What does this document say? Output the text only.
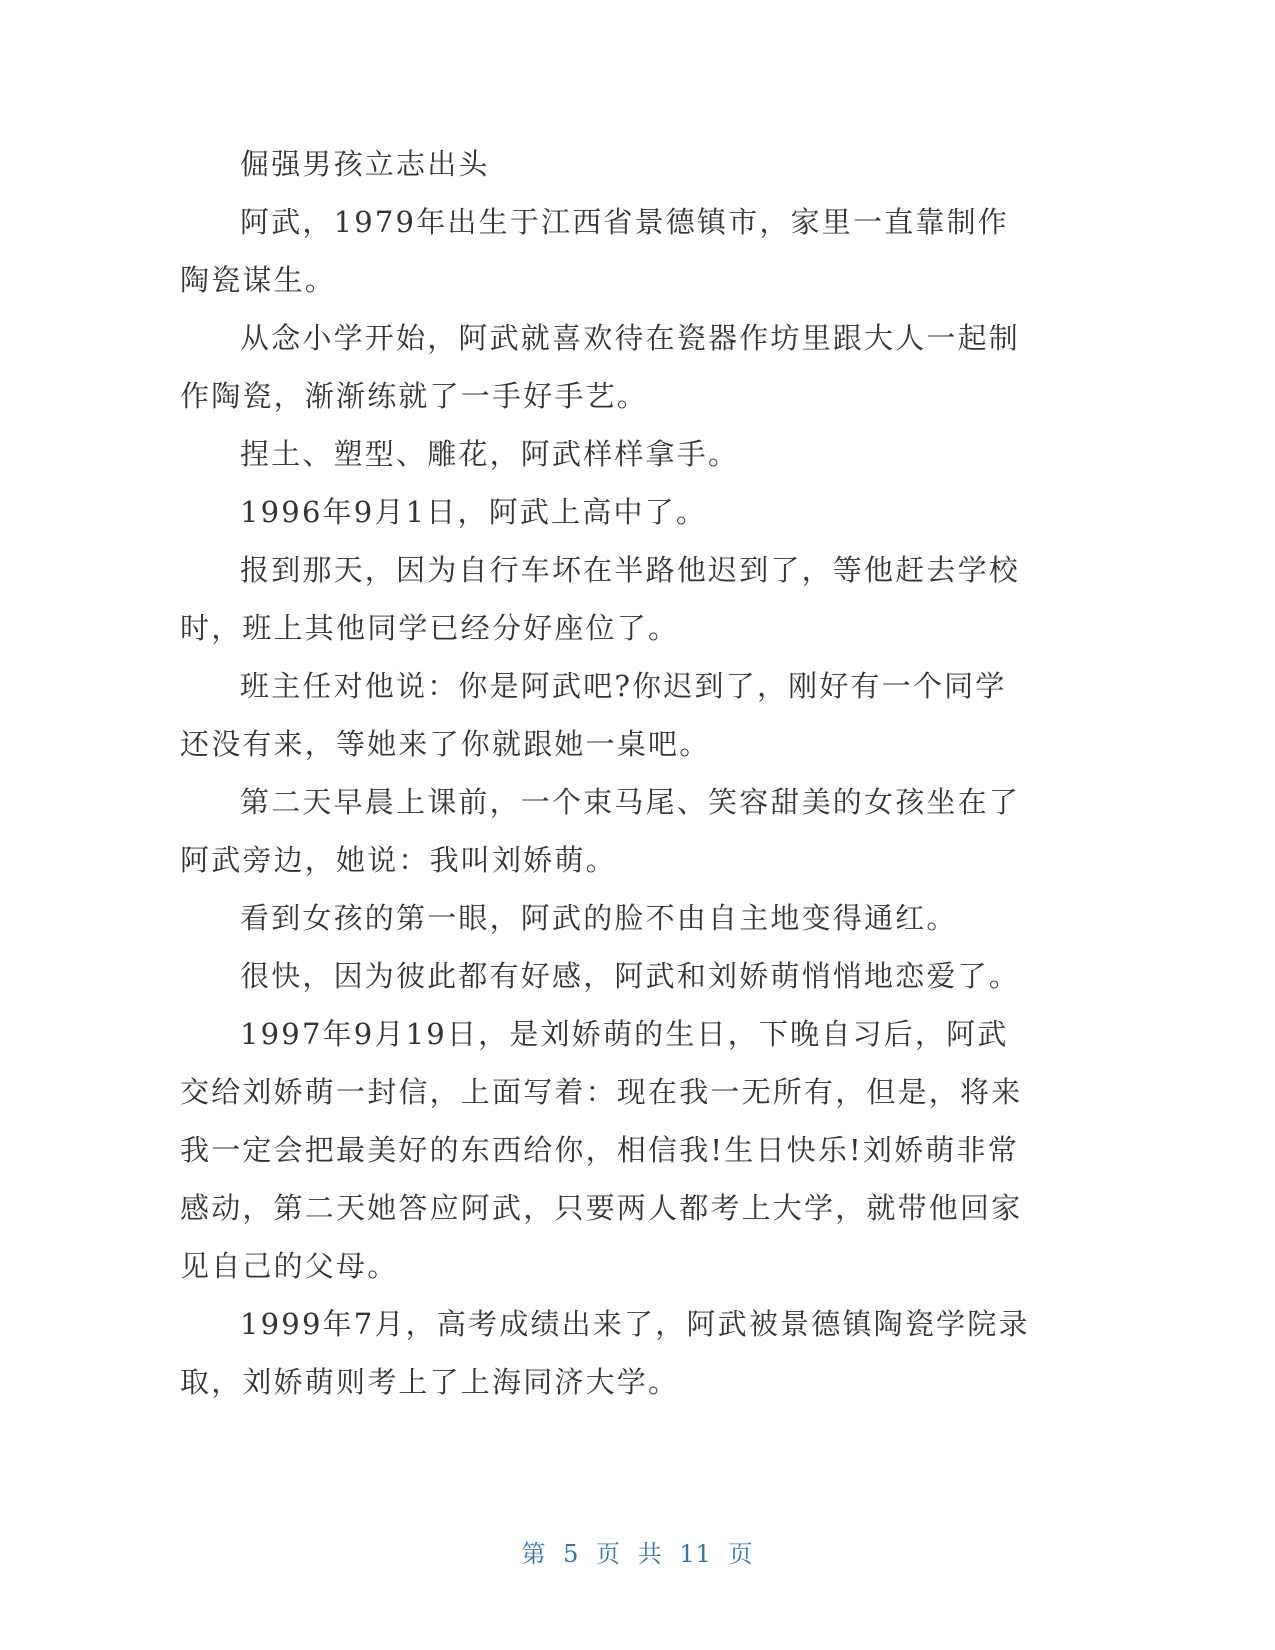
倔强男孩立志出头

阿武，1979年出生于江西省景德镇市，家里一直靠制作陶瓷谋生。

从念小学开始，阿武就喜欢待在瓷器作坊里跟大人一起制作陶瓷，渐渐练就了一手好手艺。

捏土、塑型、雕花，阿武样样拿手。

1996年9月1日，阿武上高中了。

报到那天，因为自行车坏在半路他迟到了，等他赶去学校时，班上其他同学已经分好座位了。

班主任对他说：你是阿武吧?你迟到了，刚好有一个同学还没有来，等她来了你就跟她一桌吧。

第二天早晨上课前，一个束马尾、笑容甜美的女孩坐在了阿武旁边，她说：我叫刘娇萌。

看到女孩的第一眼，阿武的脸不由自主地变得通红。

很快，因为彼此都有好感，阿武和刘娇萌悄悄地恋爱了。

1997年9月19日，是刘娇萌的生日，下晚自习后，阿武交给刘娇萌一封信，上面写着：现在我一无所有，但是，将来我一定会把最美好的东西给你，相信我!生日快乐!刘娇萌非常感动，第二天她答应阿武，只要两人都考上大学，就带他回家见自己的父母。

1999年7月，高考成绩出来了，阿武被景德镇陶瓷学院录取，刘娇萌则考上了上海同济大学。

第 5 页 共 11 页
